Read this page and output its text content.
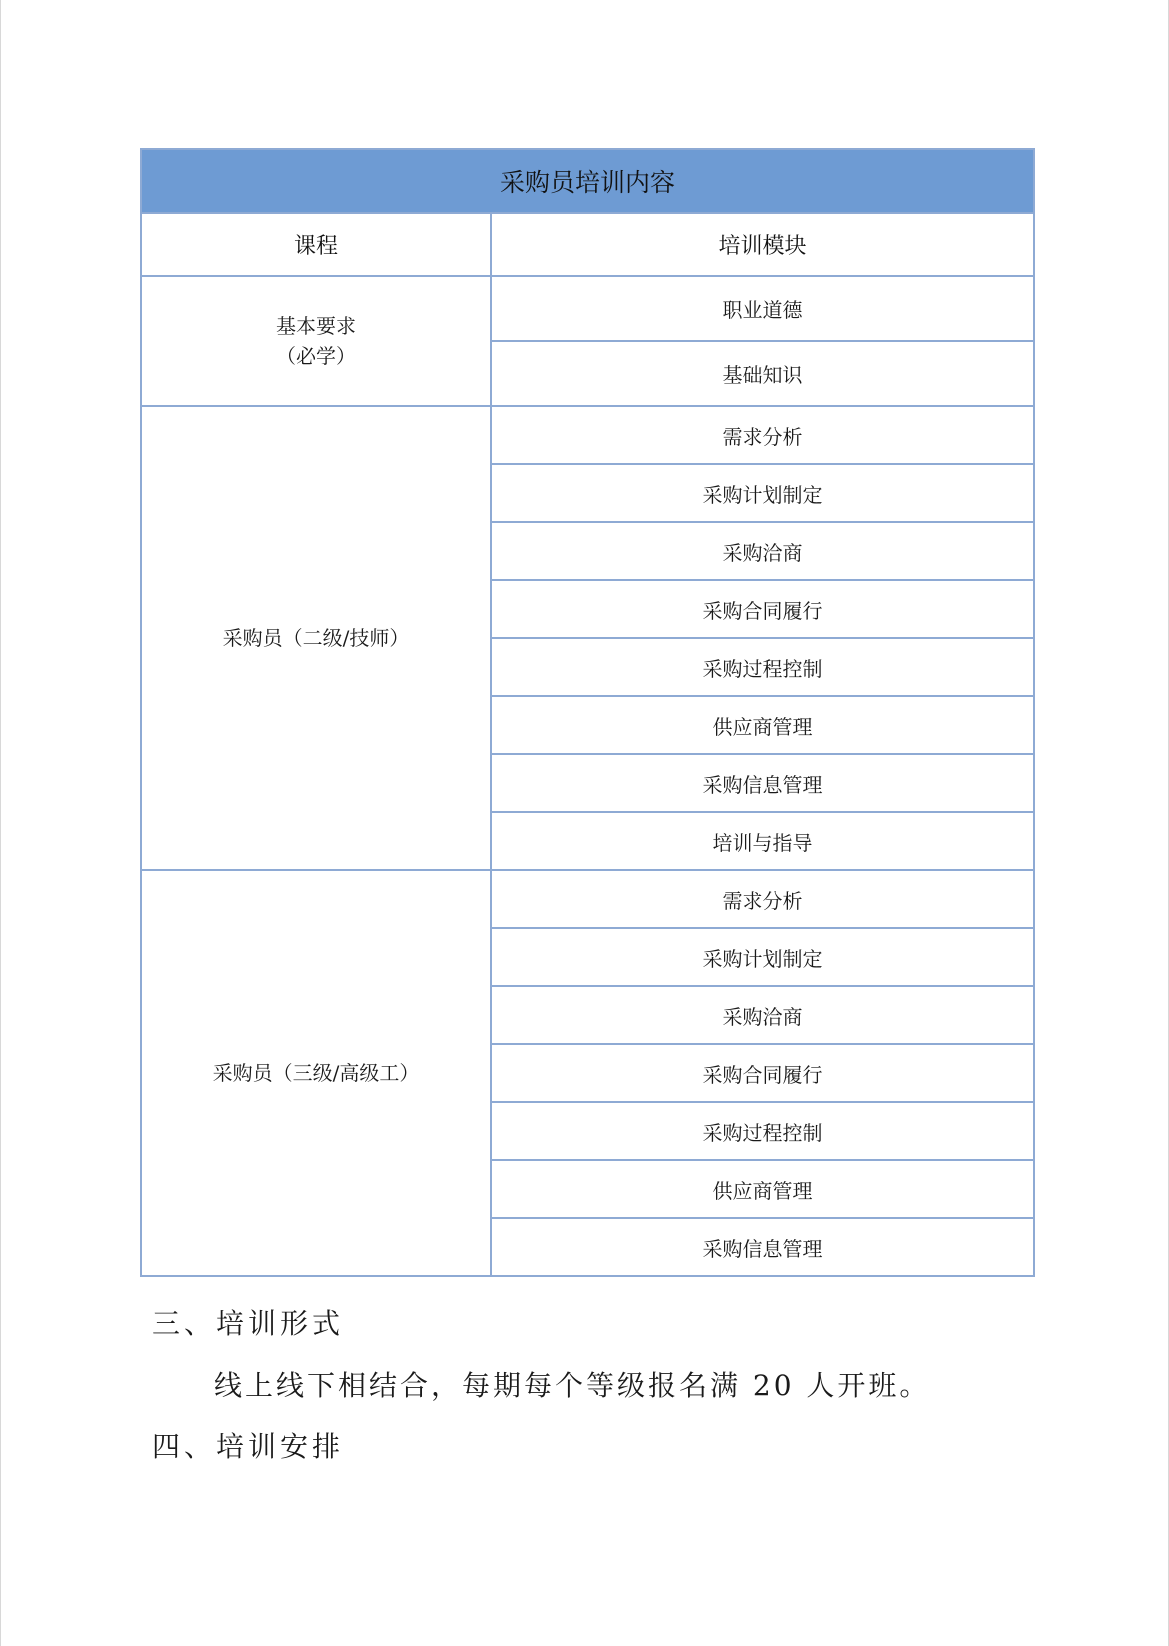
采购员培训内容	
课程	培训模块
基本要求
（必学）	职业道德
	基础知识
采购员（二级/技师）	需求分析
	采购计划制定
	采购洽商
	采购合同履行
	采购过程控制
	供应商管理
	采购信息管理
	培训与指导
采购员（三级/高级工）	需求分析
	采购计划制定
	采购洽商
	采购合同履行
	采购过程控制
	供应商管理
	采购信息管理

三、培训形式

线上线下相结合，每期每个等级报名满 20 人开班。

四、培训安排
